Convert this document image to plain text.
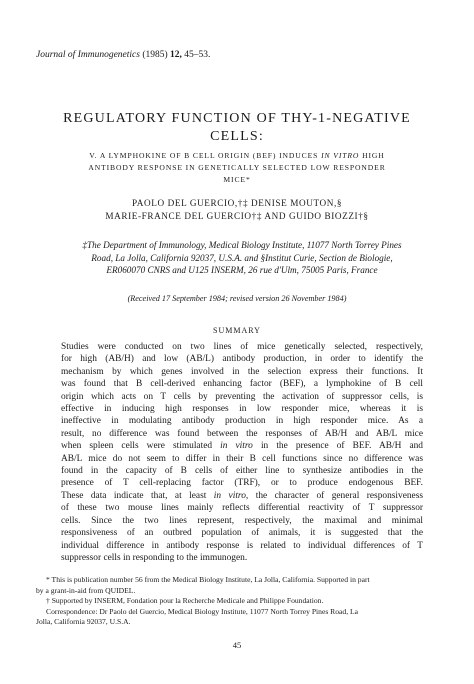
Journal of Immunogenetics (1985) 12, 45–53.
REGULATORY FUNCTION OF THY-1-NEGATIVE
CELLS:
V. A LYMPHOKINE OF B CELL ORIGIN (BEF) INDUCES IN VITRO HIGH
ANTIBODY RESPONSE IN GENETICALLY SELECTED LOW RESPONDER
MICE*
PAOLO DEL GUERCIO,†‡ DENISE MOUTON,§
MARIE-FRANCE DEL GUERCIO†‡ AND GUIDO BIOZZI†§
‡The Department of Immunology, Medical Biology Institute, 11077 North Torrey Pines
Road, La Jolla, California 92037, U.S.A. and §Institut Curie, Section de Biologie,
ER060070 CNRS and U125 INSERM, 26 rue d'Ulm, 75005 Paris, France
(Received 17 September 1984; revised version 26 November 1984)
SUMMARY
Studies were conducted on two lines of mice genetically selected, respectively,
for high (AB/H) and low (AB/L) antibody production, in order to identify the
mechanism by which genes involved in the selection express their functions. It
was found that B cell-derived enhancing factor (BEF), a lymphokine of B cell
origin which acts on T cells by preventing the activation of suppressor cells, is
effective in inducing high responses in low responder mice, whereas it is
ineffective in modulating antibody production in high responder mice. As a
result, no difference was found between the responses of AB/H and AB/L mice
when spleen cells were stimulated in vitro in the presence of BEF. AB/H and
AB/L mice do not seem to differ in their B cell functions since no difference was
found in the capacity of B cells of either line to synthesize antibodies in the
presence of T cell-replacing factor (TRF), or to produce endogenous BEF.
These data indicate that, at least in vitro, the character of general responsiveness
of these two mouse lines mainly reflects differential reactivity of T suppressor
cells. Since the two lines represent, respectively, the maximal and minimal
responsiveness of an outbred population of animals, it is suggested that the
individual difference in antibody response is related to individual differences of T
suppressor cells in responding to the immunogen.
* This is publication number 56 from the Medical Biology Institute, La Jolla, California. Supported in part
by a grant-in-aid from QUIDEL.
† Supported by INSERM, Fondation pour la Recherche Medicale and Philippe Foundation.
Correspondence: Dr Paolo del Guercio, Medical Biology Institute, 11077 North Torrey Pines Road, La
Jolla, California 92037, U.S.A.
45
